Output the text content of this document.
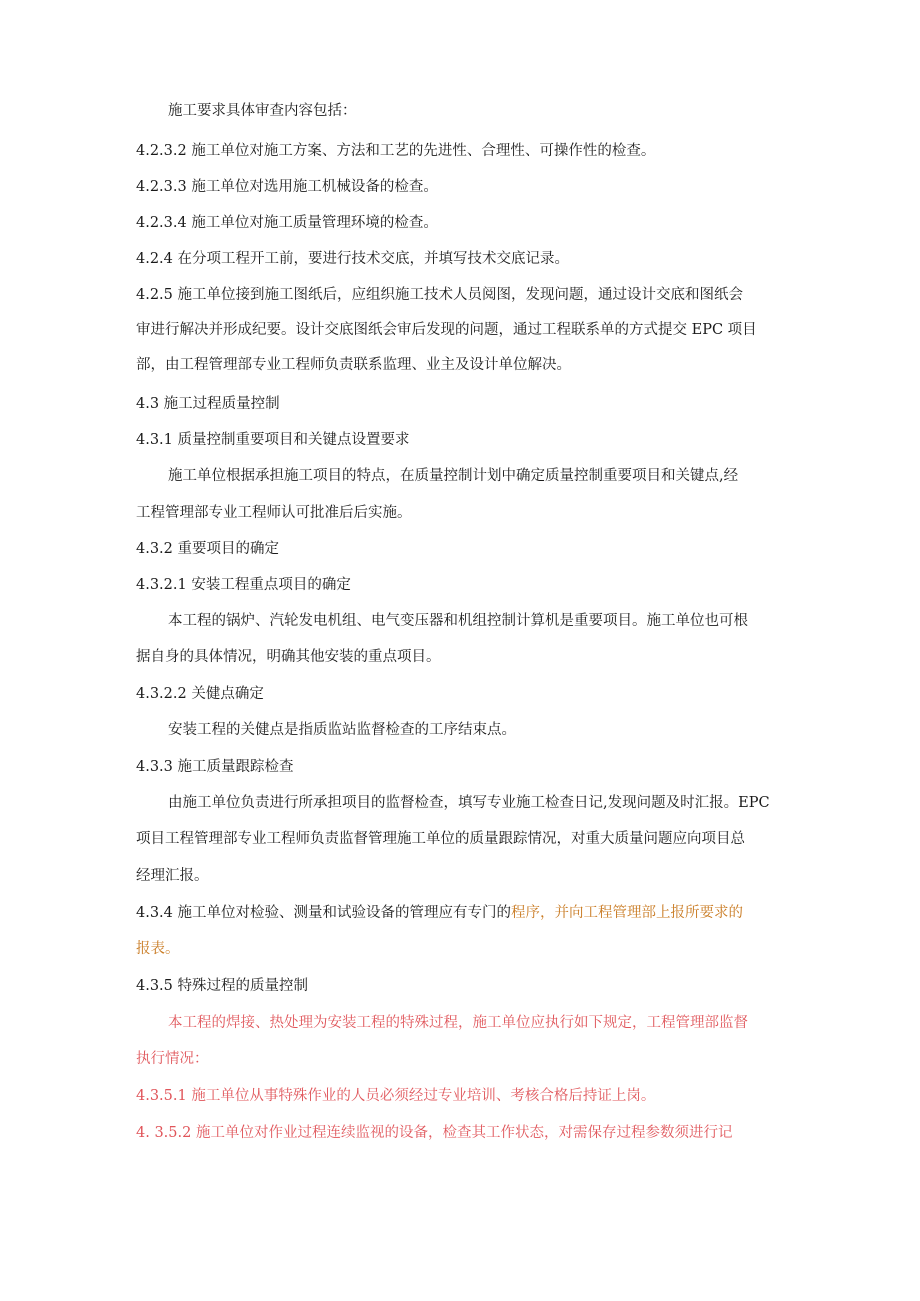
施工要求具体审查内容包括：
4.2.3.2 施工单位对施工方案、方法和工艺的先进性、合理性、可操作性的检查。
4.2.3.3 施工单位对选用施工机械设备的检查。
4.2.3.4 施工单位对施工质量管理环境的检查。
4.2.4 在分项工程开工前，要进行技术交底，并填写技术交底记录。
4.2.5 施工单位接到施工图纸后，应组织施工技术人员阅图，发现问题，通过设计交底和图纸会
审进行解决并形成纪要。设计交底图纸会审后发现的问题，通过工程联系单的方式提交 EPC 项目
部，由工程管理部专业工程师负责联系监理、业主及设计单位解决。
4.3 施工过程质量控制
4.3.1 质量控制重要项目和关键点设置要求
施工单位根据承担施工项目的特点，在质量控制计划中确定质量控制重要项目和关键点,经
工程管理部专业工程师认可批准后后实施。
4.3.2 重要项目的确定
4.3.2.1 安装工程重点项目的确定
本工程的锅炉、汽轮发电机组、电气变压器和机组控制计算机是重要项目。施工单位也可根
据自身的具体情况，明确其他安装的重点项目。
4.3.2.2 关健点确定
安装工程的关健点是指质监站监督检查的工序结束点。
4.3.3 施工质量跟踪检查
由施工单位负责进行所承担项目的监督检查，填写专业施工检查日记,发现问题及时汇报。EPC
项目工程管理部专业工程师负责监督管理施工单位的质量跟踪情况，对重大质量问题应向项目总
经理汇报。
4.3.4 施工单位对检验、测量和试验设备的管理应有专门的程序，并向工程管理部上报所要求的
报表。
4.3.5 特殊过程的质量控制
本工程的焊接、热处理为安装工程的特殊过程，施工单位应执行如下规定，工程管理部监督
执行情况：
4.3.5.1 施工单位从事特殊作业的人员必须经过专业培训、考核合格后持证上岗。
4. 3.5.2 施工单位对作业过程连续监视的设备，检查其工作状态，对需保存过程参数须进行记
